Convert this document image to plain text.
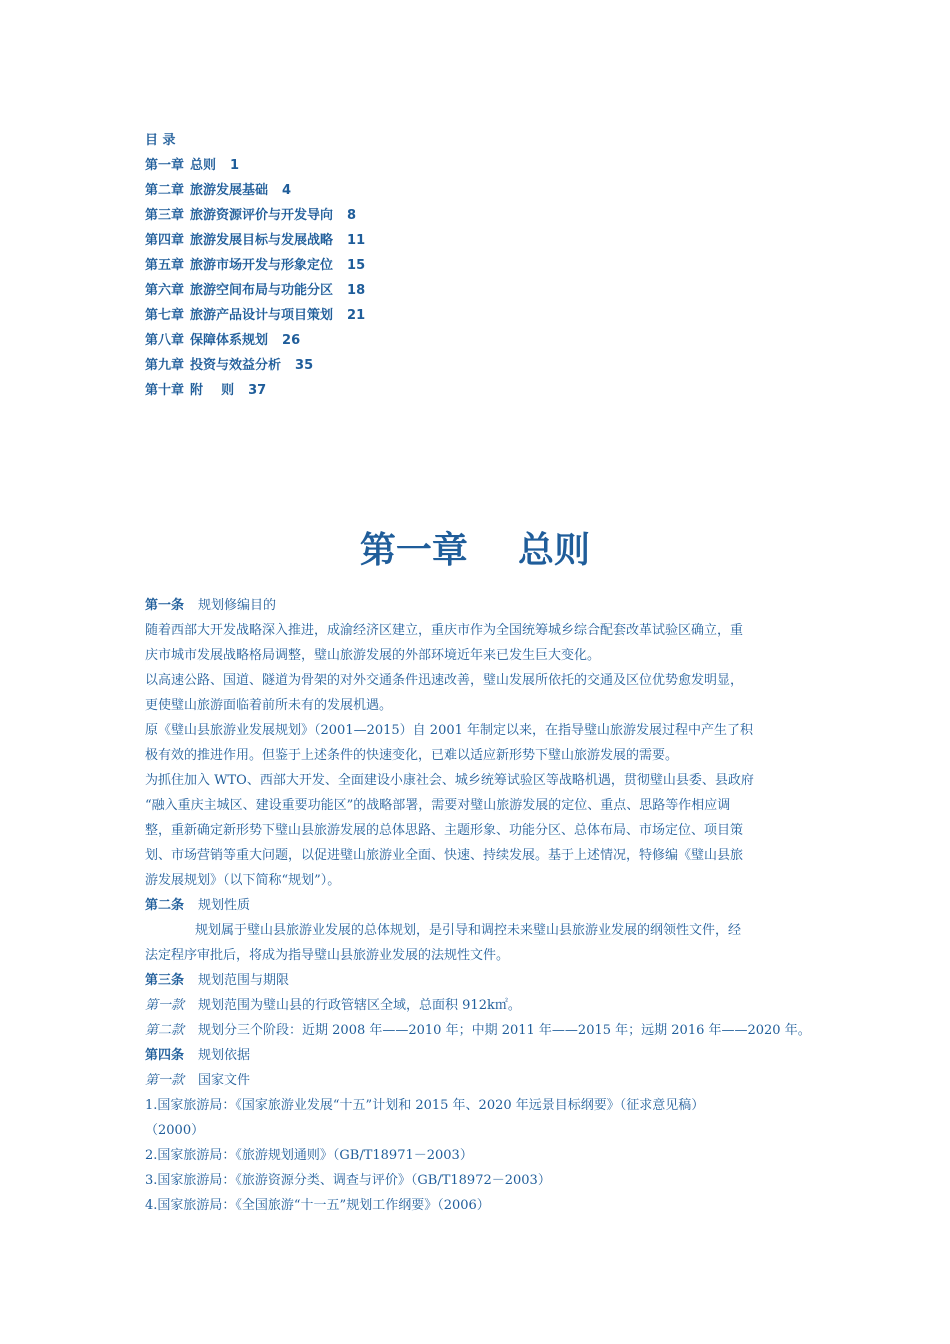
目 录
第一章 总则 1
第二章 旅游发展基础 4
第三章 旅游资源评价与开发导向 8
第四章 旅游发展目标与发展战略 11
第五章 旅游市场开发与形象定位 15
第六章 旅游空间布局与功能分区 18
第七章 旅游产品设计与项目策划 21
第八章 保障体系规划 26
第九章 投资与效益分析 35
第十章 附    则 37
第一章    总则
第一条 规划修编目的
随着西部大开发战略深入推进，成渝经济区建立，重庆市作为全国统筹城乡综合配套改革试验区确立，重
庆市城市发展战略格局调整，璧山旅游发展的外部环境近年来已发生巨大变化。
以高速公路、国道、隧道为骨架的对外交通条件迅速改善，璧山发展所依托的交通及区位优势愈发明显，
更使璧山旅游面临着前所未有的发展机遇。
原《璧山县旅游业发展规划》（2001—2015）自 2001 年制定以来，在指导璧山旅游发展过程中产生了积
极有效的推进作用。但鉴于上述条件的快速变化，已难以适应新形势下璧山旅游发展的需要。
为抓住加入 WTO、西部大开发、全面建设小康社会、城乡统筹试验区等战略机遇，贯彻璧山县委、县政府
“融入重庆主城区、建设重要功能区”的战略部署，需要对璧山旅游发展的定位、重点、思路等作相应调
整，重新确定新形势下璧山县旅游发展的总体思路、主题形象、功能分区、总体布局、市场定位、项目策
划、市场营销等重大问题，以促进璧山旅游业全面、快速、持续发展。基于上述情况，特修编《璧山县旅
游发展规划》（以下简称“规划”）。
第二条 规划性质
规划属于璧山县旅游业发展的总体规划，是引导和调控未来璧山县旅游业发展的纲领性文件，经
法定程序审批后，将成为指导璧山县旅游业发展的法规性文件。
第三条 规划范围与期限
第一款 规划范围为璧山县的行政管辖区全域，总面积 912k㎡。
第二款 规划分三个阶段：近期 2008 年——2010 年；中期 2011 年——2015 年；远期 2016 年——2020 年。
第四条 规划依据
第一款 国家文件
1.国家旅游局：《国家旅游业发展“十五”计划和 2015 年、2020 年远景目标纲要》（征求意见稿）
（2000）
2.国家旅游局：《旅游规划通则》（GB/T18971－2003）
3.国家旅游局：《旅游资源分类、调查与评价》（GB/T18972－2003）
4.国家旅游局：《全国旅游“十一五”规划工作纲要》（2006）
